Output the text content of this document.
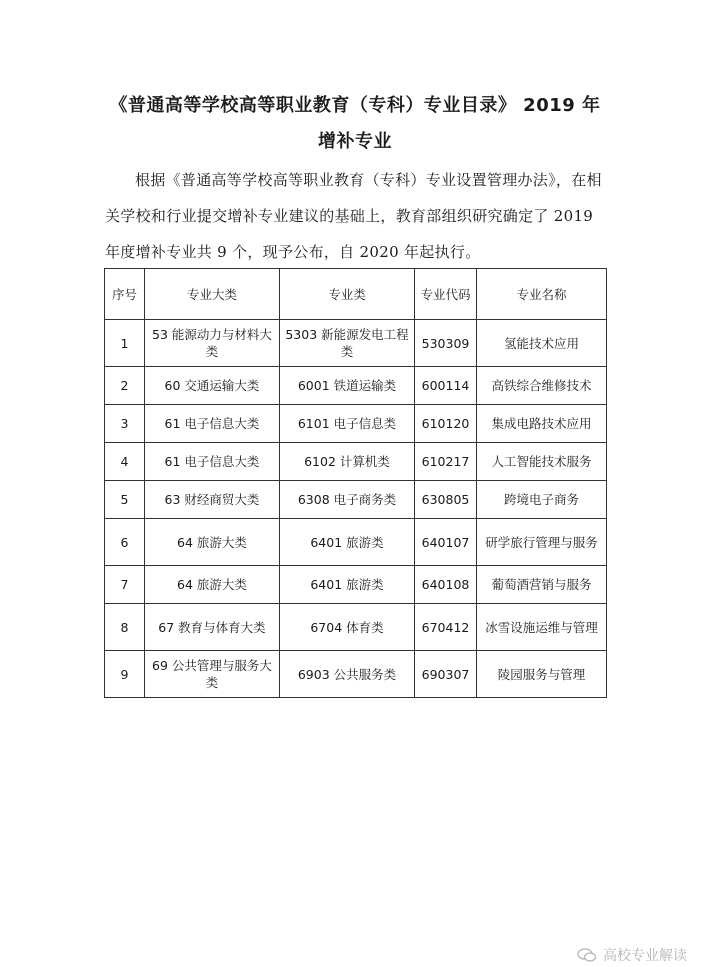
《普通高等学校高等职业教育（专科）专业目录》 2019 年
增补专业

根据《普通高等学校高等职业教育（专科）专业设置管理办法》，在相关学校和行业提交增补专业建议的基础上，教育部组织研究确定了 2019 年度增补专业共 9 个，现予公布，自 2020 年起执行。

序号	专业大类	专业类	专业代码	专业名称
1	53 能源动力与材料大类	5303 新能源发电工程类	530309	氢能技术应用
2	60 交通运输大类	6001 铁道运输类	600114	高铁综合维修技术
3	61 电子信息大类	6101 电子信息类	610120	集成电路技术应用
4	61 电子信息大类	6102 计算机类	610217	人工智能技术服务
5	63 财经商贸大类	6308 电子商务类	630805	跨境电子商务
6	64 旅游大类	6401 旅游类	640107	研学旅行管理与服务
7	64 旅游大类	6401 旅游类	640108	葡萄酒营销与服务
8	67 教育与体育大类	6704 体育类	670412	冰雪设施运维与管理
9	69 公共管理与服务大类	6903 公共服务类	690307	陵园服务与管理
高校专业解读
